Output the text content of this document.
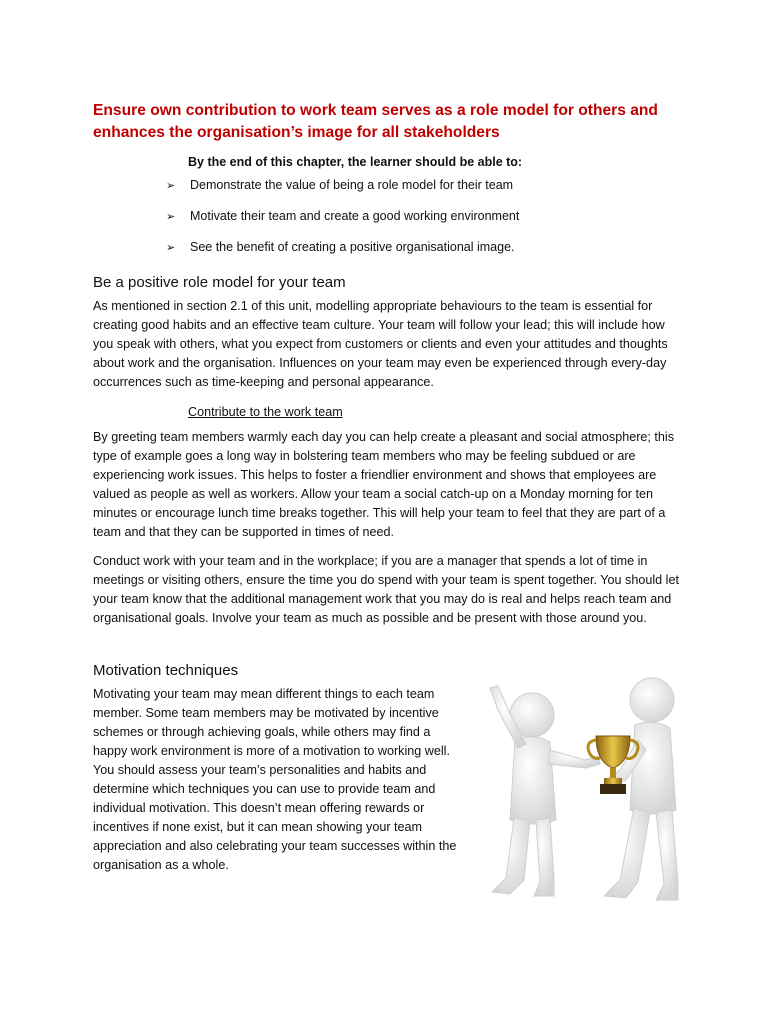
Ensure own contribution to work team serves as a role model for others and enhances the organisation’s image for all stakeholders
By the end of this chapter, the learner should be able to:
➢ Demonstrate the value of being a role model for their team
➢ Motivate their team and create a good working environment
➢ See the benefit of creating a positive organisational image.
Be a positive role model for your team

As mentioned in section 2.1 of this unit, modelling appropriate behaviours to the team is essential for creating good habits and an effective team culture. Your team will follow your lead; this will include how you speak with others, what you expect from customers or clients and even your attitudes and thoughts about work and the organisation. Influences on your team may even be experienced through every-day occurrences such as time-keeping and personal appearance.

Contribute to the work team

By greeting team members warmly each day you can help create a pleasant and social atmosphere; this type of example goes a long way in bolstering team members who may be feeling subdued or are experiencing work issues. This helps to foster a friendlier environment and shows that employees are valued as people as well as workers. Allow your team a social catch-up on a Monday morning for ten minutes or encourage lunch time breaks together. This will help your team to feel that they are part of a team and that they can be supported in times of need.

Conduct work with your team and in the workplace; if you are a manager that spends a lot of time in meetings or visiting others, ensure the time you do spend with your team is spent together. You should let your team know that the additional management work that you may do is real and helps reach team and organisational goals. Involve your team as much as possible and be present with those around you.

Motivation techniques

Motivating your team may mean different things to each team member. Some team members may be motivated by incentive schemes or through achieving goals, while others may find a happy work environment is more of a motivation to working well. You should assess your team’s personalities and habits and determine which techniques you can use to provide team and individual motivation. This doesn’t mean offering rewards or incentives if none exist, but it can mean showing your team appreciation and also celebrating your team successes within the organisation as a whole.
